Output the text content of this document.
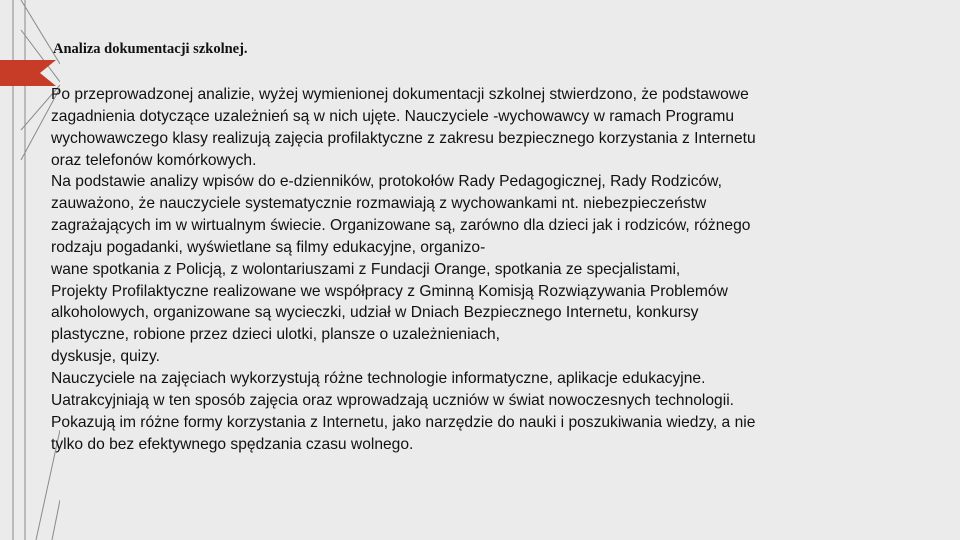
Analiza dokumentacji szkolnej.
Po przeprowadzonej analizie, wyżej wymienionej dokumentacji szkolnej stwierdzono, że podstawowe
zagadnienia dotyczące uzależnień są w nich ujęte. Nauczyciele -wychowawcy w ramach Programu
wychowawczego klasy realizują zajęcia profilaktyczne z zakresu bezpiecznego korzystania z Internetu
oraz telefonów komórkowych.
Na podstawie analizy wpisów do e-dzienników, protokołów Rady Pedagogicznej, Rady Rodziców,
zauważono, że nauczyciele systematycznie rozmawiają z wychowankami nt. niebezpieczeństw
zagrażających im w wirtualnym świecie. Organizowane są, zarówno dla dzieci jak i rodziców, różnego
rodzaju pogadanki, wyświetlane są filmy edukacyjne, organizo-
wane spotkania z Policją, z wolontariuszami z Fundacji Orange, spotkania ze specjalistami,
Projekty Profilaktyczne realizowane we współpracy z Gminną Komisją Rozwiązywania Problemów
alkoholowych, organizowane są wycieczki, udział w Dniach Bezpiecznego Internetu, konkursy
plastyczne, robione przez dzieci ulotki, plansze o uzależnieniach,
dyskusje, quizy.
Nauczyciele na zajęciach wykorzystują różne technologie informatyczne, aplikacje edukacyjne.
Uatrakcyjniają w ten sposób zajęcia oraz wprowadzają uczniów w świat nowoczesnych technologii.
Pokazują im różne formy korzystania z Internetu, jako narzędzie do nauki i poszukiwania wiedzy, a nie
tylko do bez efektywnego spędzania czasu wolnego.
